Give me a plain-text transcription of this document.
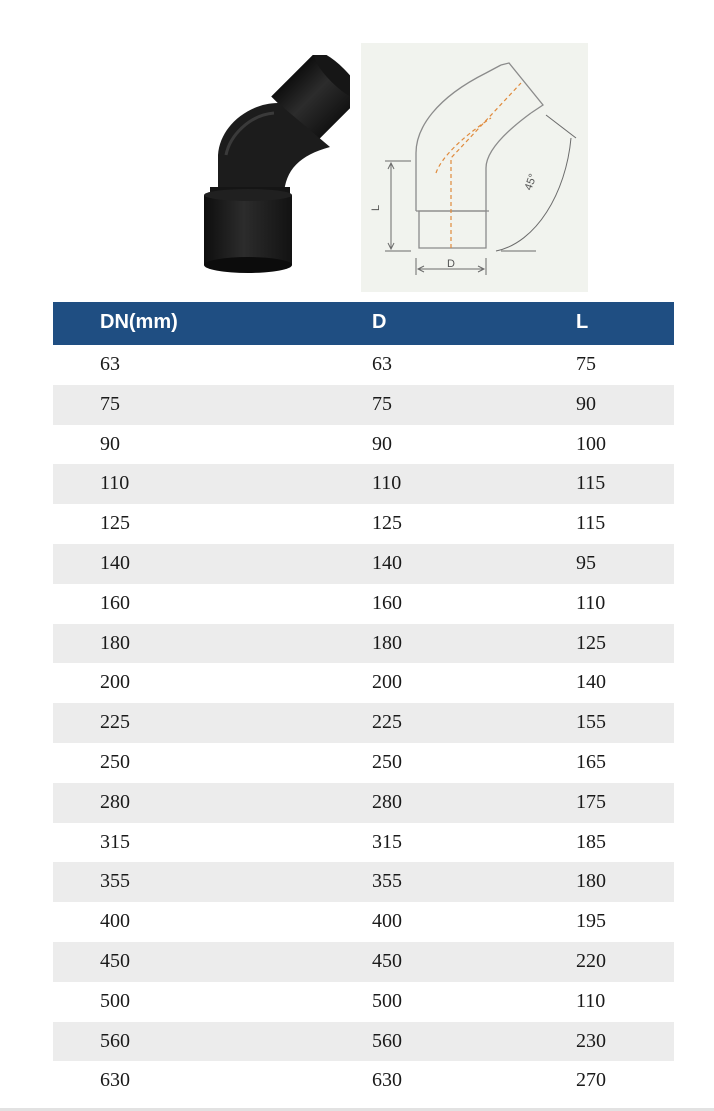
L
D
45°
DN(mm)	D	L
63	63	75
75	75	90
90	90	100
110	110	115
125	125	115
140	140	95
160	160	110
180	180	125
200	200	140
225	225	155
250	250	165
280	280	175
315	315	185
355	355	180
400	400	195
450	450	220
500	500	110
560	560	230
630	630	270
